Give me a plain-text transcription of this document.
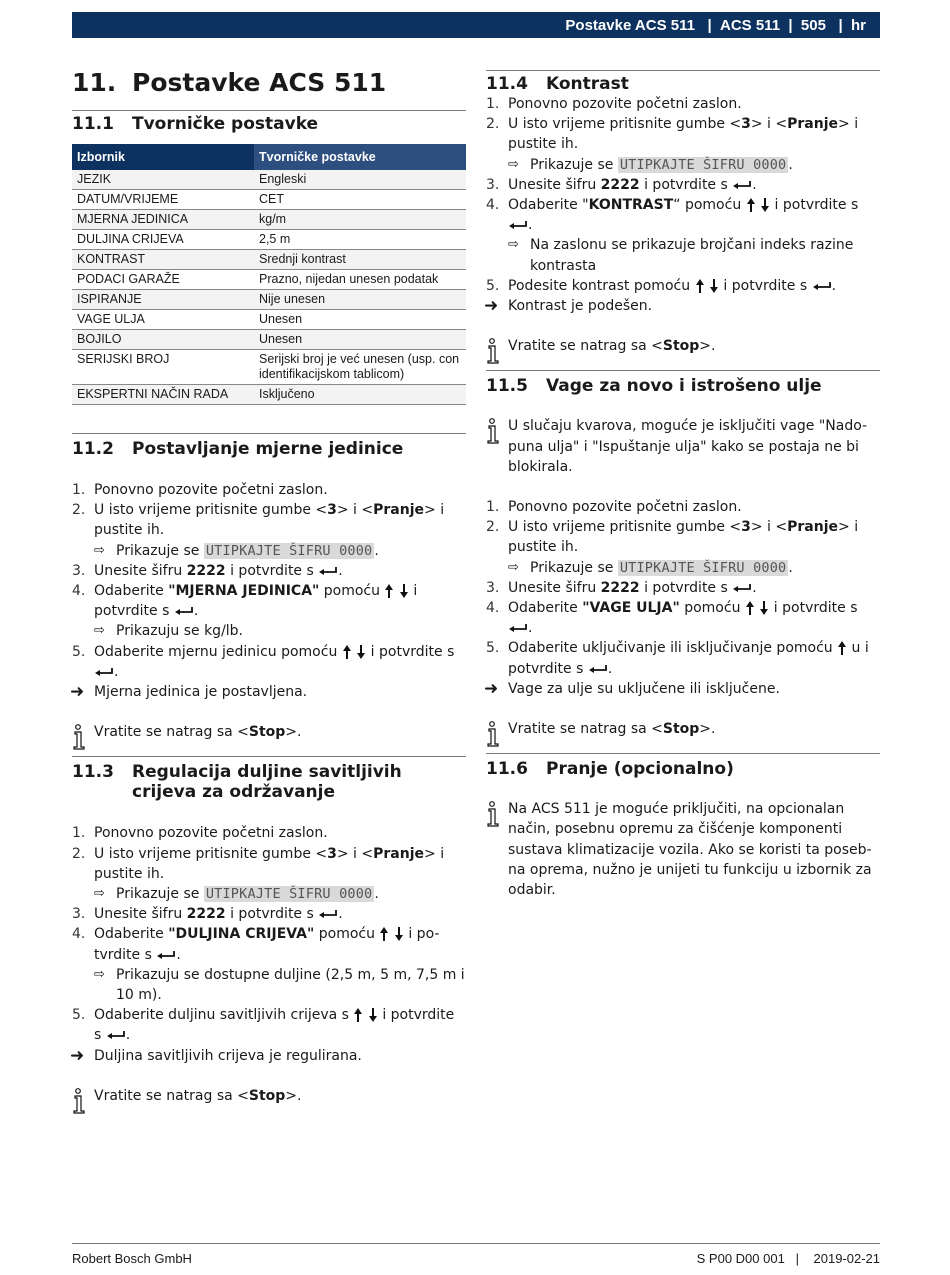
Postavke ACS 511 | ACS 511 | 505 | hr
11. Postavke ACS 511
11.1	Tvorničke postavke
Izbornik	Tvorničke postavke
JEZIK	Engleski
DATUM/VRIJEME	CET
MJERNA JEDINICA	kg/m
DULJINA CRIJEVA	2,5 m
KONTRAST	Srednji kontrast
PODACI GARAŽE	Prazno, nijedan unesen podatak
ISPIRANJE	Nije unesen
VAGE ULJA	Unesen
BOJILO	Unesen
SERIJSKI BROJ	Serijski broj je već unesen (usp. con identifikacijskom tablicom)
EKSPERTNI NAČIN RADA	Isključeno
11.2	Postavljanje mjerne jedinice
1. Ponovno pozovite početni zaslon.
2. U isto vrijeme pritisnite gumbe <3> i <Pranje> i pustite ih.
⇨ Prikazuje se UTIPKAJTE ŠIFRU 0000 .
3. Unesite šifru 2222 i potvrdite s .
4. Odaberite "MJERNA JEDINICA" pomoću   i potvrdite s .
⇨ Prikazuju se kg/lb.
5. Odaberite mjernu jedinicu pomoću   i potvrdite s .
➜ Mjerna jedinica je postavljena.
Vratite se natrag sa <Stop>.
11.3	Regulacija duljine savitljivih crijeva za održavanje
1. Ponovno pozovite početni zaslon.
2. U isto vrijeme pritisnite gumbe <3> i <Pranje> i pustite ih.
⇨ Prikazuje se UTIPKAJTE ŠIFRU 0000 .
3. Unesite šifru 2222 i potvrdite s .
4. Odaberite "DULJINA CRIJEVA" pomoću   i po-tvrdite s .
⇨ Prikazuju se dostupne duljine (2,5 m, 5 m, 7,5 m i 10 m).
5. Odaberite duljinu savitljivih crijeva s   i potvrdite s .
➜ Duljina savitljivih crijeva je regulirana.
Vratite se natrag sa <Stop>.
11.4	Kontrast
1. Ponovno pozovite početni zaslon.
2. U isto vrijeme pritisnite gumbe <3> i <Pranje> i pustite ih.
⇨ Prikazuje se UTIPKAJTE ŠIFRU 0000 .
3. Unesite šifru 2222 i potvrdite s .
4. Odaberite "KONTRAST“ pomoću   i potvrdite s .
⇨ Na zaslonu se prikazuje brojčani indeks razine kontrasta
5. Podesite kontrast pomoću   i potvrdite s .
➜ Kontrast je podešen.
Vratite se natrag sa <Stop>.
11.5	Vage za novo i istrošeno ulje
U slučaju kvarova, moguće je isključiti vage "Nado-puna ulja" i "Ispuštanje ulja" kako se postaja ne bi blokirala.
1. Ponovno pozovite početni zaslon.
2. U isto vrijeme pritisnite gumbe <3> i <Pranje> i pustite ih.
⇨ Prikazuje se UTIPKAJTE ŠIFRU 0000 .
3. Unesite šifru 2222 i potvrdite s .
4. Odaberite "VAGE ULJA" pomoću   i potvrdite s .
5. Odaberite uključivanje ili isključivanje pomoću  u i potvrdite s .
➜ Vage za ulje su uključene ili isključene.
Vratite se natrag sa <Stop>.
11.6	Pranje (opcionalno)
Na ACS 511 je moguće priključiti, na opcionalan način, posebnu opremu za čišćenje komponenti sustava klimatizacije vozila. Ako se koristi ta poseb-na oprema, nužno je unijeti tu funkciju u izbornik za odabir.
Robert Bosch GmbH	S P00 D00 001   |    2019-02-21
